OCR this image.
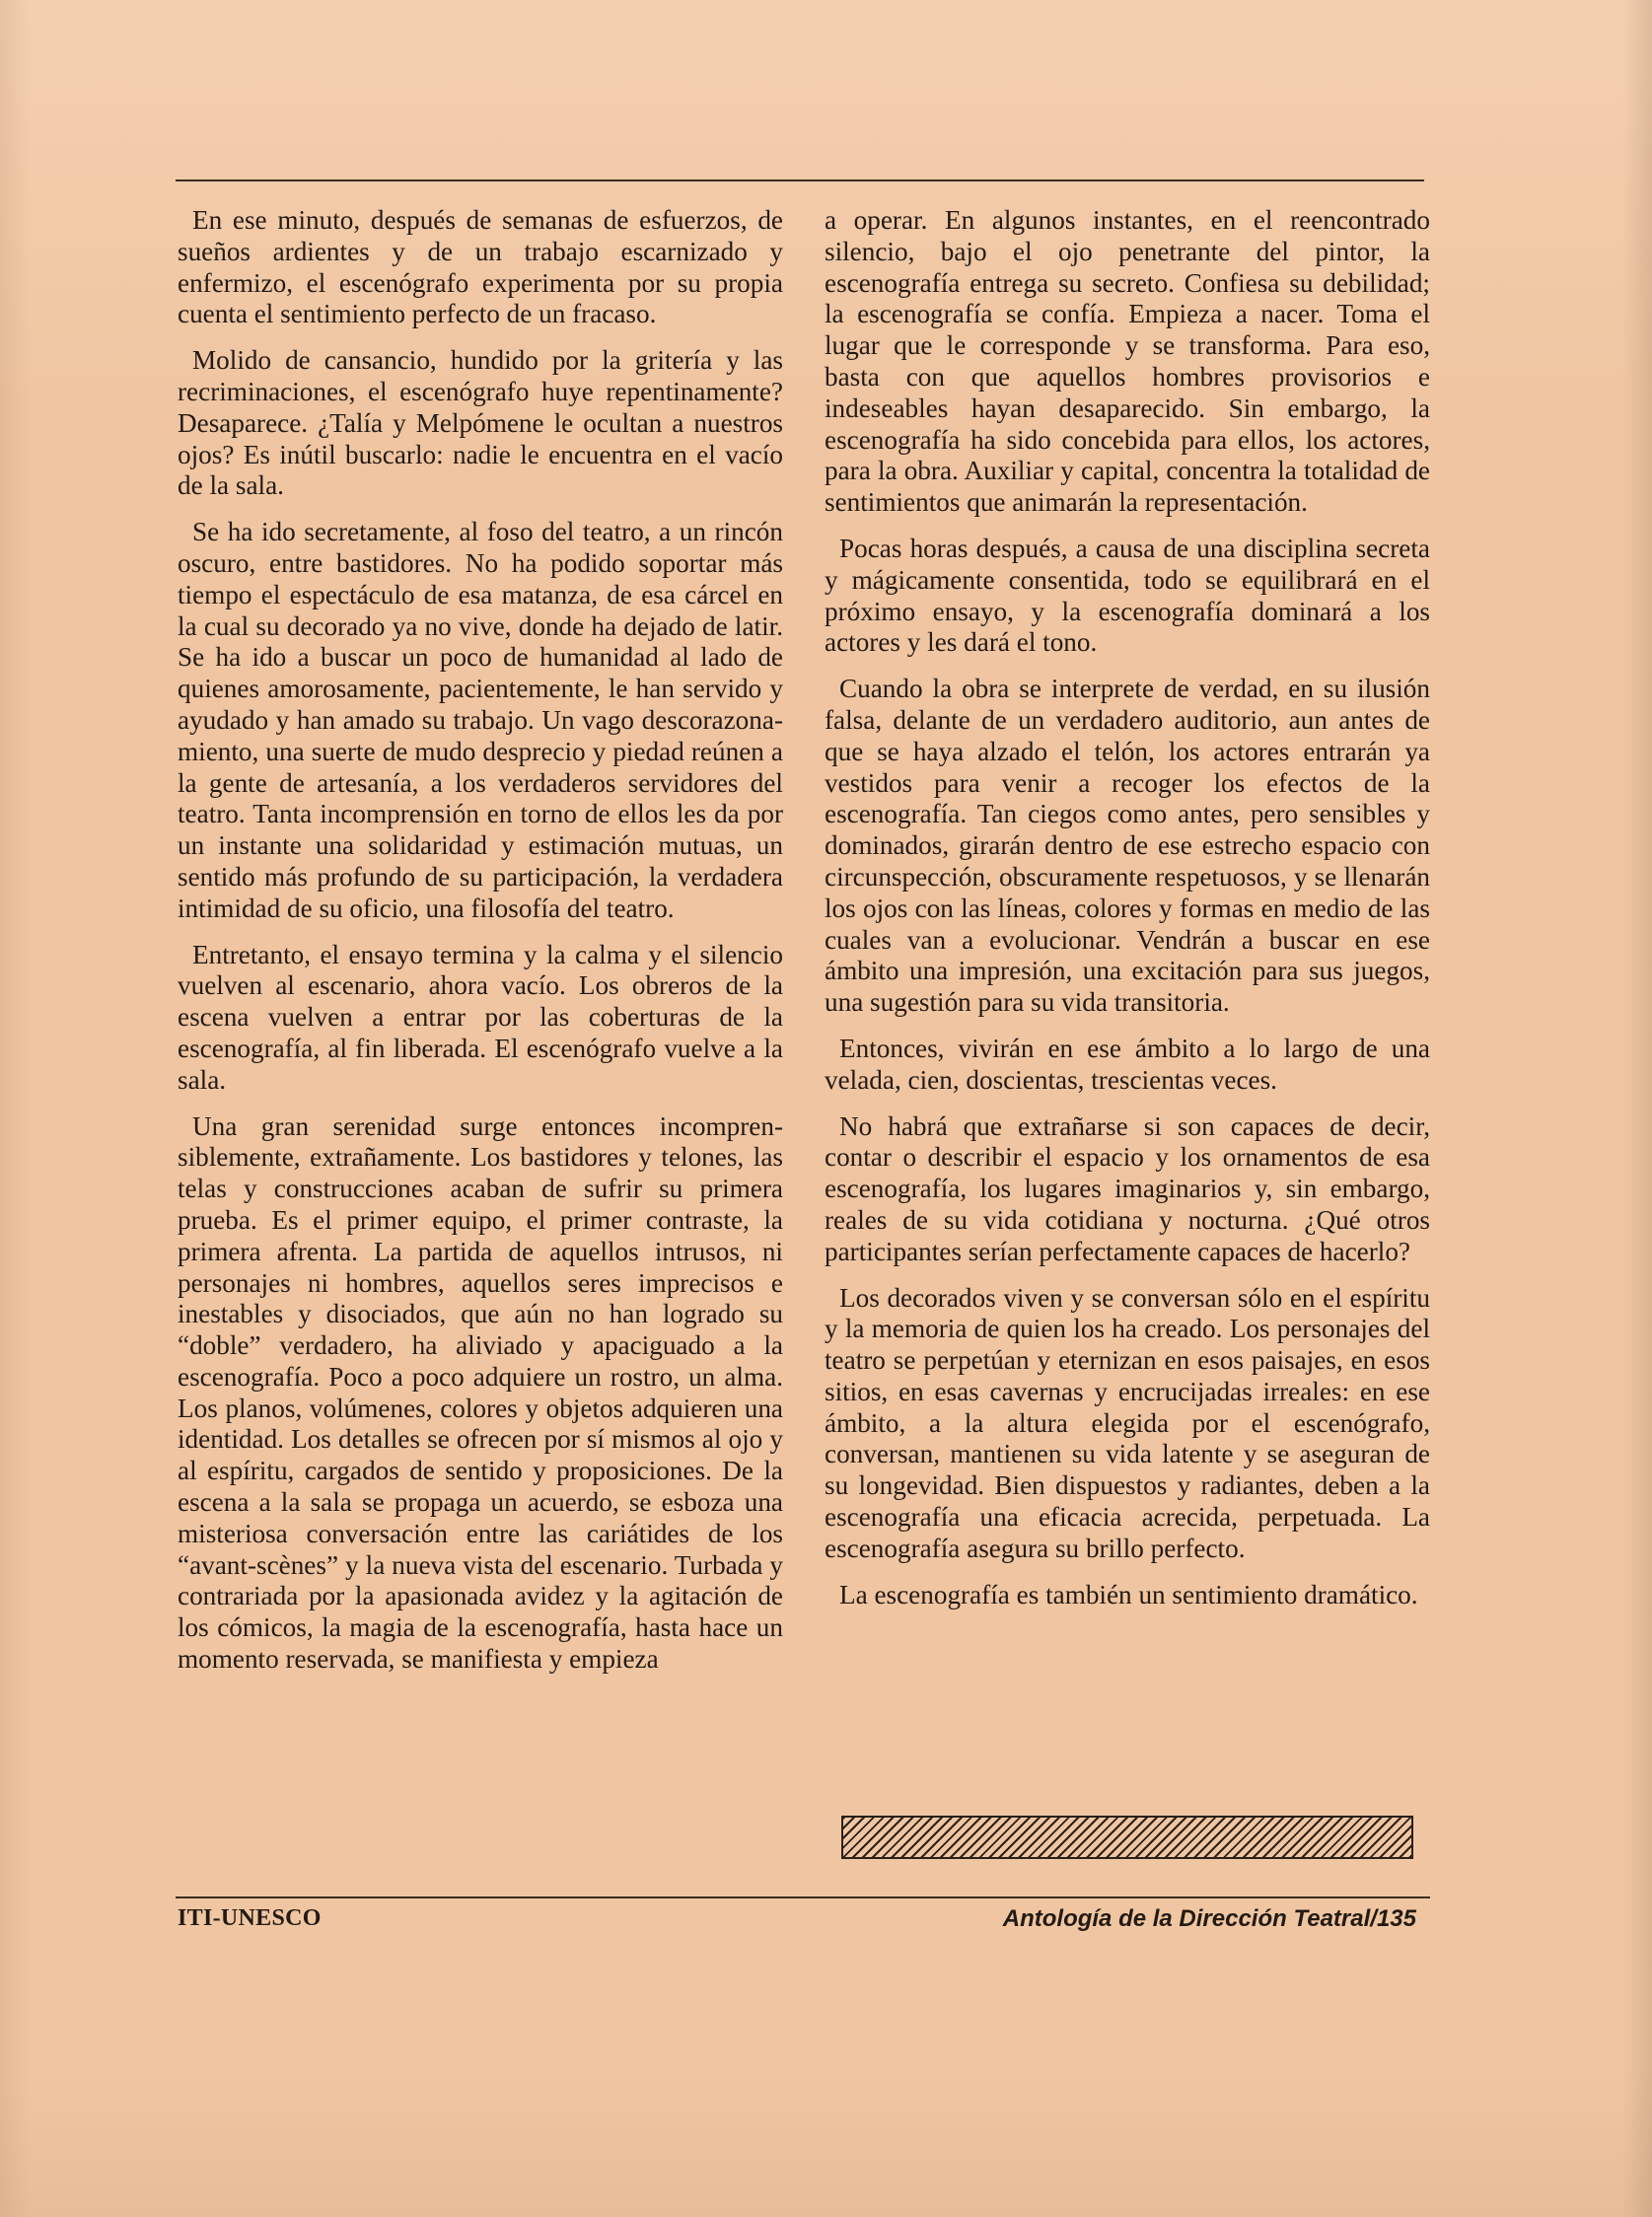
En ese minuto, después de semanas de esfuerzos, de sueños ardientes y de un trabajo escarnizado y enfermizo, el escenógrafo experimenta por su propia cuenta el sentimiento perfecto de un fracaso.

Molido de cansancio, hundido por la gritería y las recriminaciones, el escenógrafo huye repentinamente? Desaparece. ¿Talía y Melpómene le ocultan a nuestros ojos? Es inútil buscarlo: nadie le encuentra en el vacío de la sala.

Se ha ido secretamente, al foso del teatro, a un rincón oscuro, entre bastidores. No ha podido soportar más tiempo el espectáculo de esa matanza, de esa cárcel en la cual su decorado ya no vive, donde ha dejado de latir. Se ha ido a buscar un poco de humanidad al lado de quienes amorosamente, pacientemente, le han servido y ayudado y han amado su trabajo. Un vago descorazonamiento, una suerte de mudo desprecio y piedad reúnen a la gente de artesanía, a los verdaderos servidores del teatro. Tanta incomprensión en torno de ellos les da por un instante una solidaridad y estimación mutuas, un sentido más profundo de su participación, la verdadera intimidad de su oficio, una filosofía del teatro.

Entretanto, el ensayo termina y la calma y el silencio vuelven al escenario, ahora vacío. Los obreros de la escena vuelven a entrar por las coberturas de la escenografía, al fin liberada. El escenógrafo vuelve a la sala.

Una gran serenidad surge entonces incomprensiblemente, extrañamente. Los bastidores y telones, las telas y construcciones acaban de sufrir su primera prueba. Es el primer equipo, el primer contraste, la primera afrenta. La partida de aquellos intrusos, ni personajes ni hombres, aquellos seres imprecisos e inestables y disociados, que aún no han logrado su “doble” verdadero, ha aliviado y apaciguado a la escenografía. Poco a poco adquiere un rostro, un alma. Los planos, volúmenes, colores y objetos adquieren una identidad. Los detalles se ofrecen por sí mismos al ojo y al espíritu, cargados de sentido y proposiciones. De la escena a la sala se propaga un acuerdo, se esboza una misteriosa conversación entre las cariátides de los “avant-scènes” y la nueva vista del escenario. Turbada y contrariada por la apasionada avidez y la agitación de los cómicos, la magia de la escenografía, hasta hace un momento reservada, se manifiesta y empieza

a operar. En algunos instantes, en el reencontrado silencio, bajo el ojo penetrante del pintor, la escenografía entrega su secreto. Confiesa su debilidad; la escenografía se confía. Empieza a nacer. Toma el lugar que le corresponde y se transforma. Para eso, basta con que aquellos hombres provisorios e indeseables hayan desaparecido. Sin embargo, la escenografía ha sido concebida para ellos, los actores, para la obra. Auxiliar y capital, concentra la totalidad de sentimientos que animarán la representación.

Pocas horas después, a causa de una disciplina secreta y mágicamente consentida, todo se equilibrará en el próximo ensayo, y la escenografía dominará a los actores y les dará el tono.

Cuando la obra se interprete de verdad, en su ilusión falsa, delante de un verdadero auditorio, aun antes de que se haya alzado el telón, los actores entrarán ya vestidos para venir a recoger los efectos de la escenografía. Tan ciegos como antes, pero sensibles y dominados, girarán dentro de ese estrecho espacio con circunspección, obscuramente respetuosos, y se llenarán los ojos con las líneas, colores y formas en medio de las cuales van a evolucionar. Vendrán a buscar en ese ámbito una impresión, una excitación para sus juegos, una sugestión para su vida transitoria.

Entonces, vivirán en ese ámbito a lo largo de una velada, cien, doscientas, trescientas veces.

No habrá que extrañarse si son capaces de decir, contar o describir el espacio y los ornamentos de esa escenografía, los lugares imaginarios y, sin embargo, reales de su vida cotidiana y nocturna. ¿Qué otros participantes serían perfectamente capaces de hacerlo?

Los decorados viven y se conversan sólo en el espíritu y la memoria de quien los ha creado. Los personajes del teatro se perpetúan y eternizan en esos paisajes, en esos sitios, en esas cavernas y encrucijadas irreales: en ese ámbito, a la altura elegida por el escenógrafo, conversan, mantienen su vida latente y se aseguran de su longevidad. Bien dispuestos y radiantes, deben a la escenografía una eficacia acrecida, perpetuada. La escenografía asegura su brillo perfecto.

La escenografía es también un sentimiento dramático.

ITI-UNESCO	Antología de la Dirección Teatral/135
